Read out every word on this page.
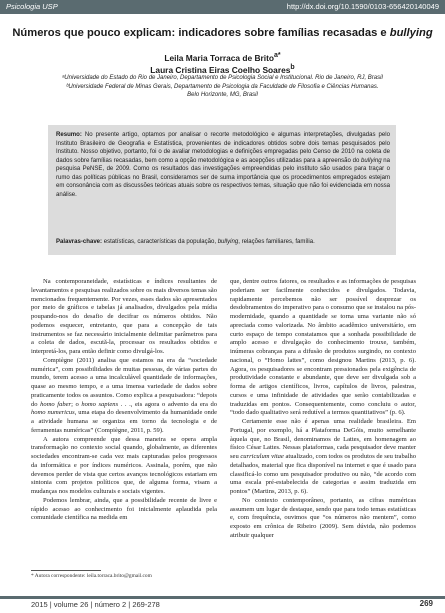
Psicologia USP	http://dx.doi.org/10.1590/0103-656420140049
Números que pouco explicam: indicadores sobre famílias recasadas e bullying
Leila Maria Torraca de Brito$^{a*}$
Laura Cristina Eiras Coelho Soares$^b$
ᵃUniversidade do Estado do Rio de Janeiro, Departamento de Psicologia Social e Institucional. Rio de Janeiro, RJ, Brasil
ᵇUniversidade Federal de Minas Gerais, Departamento de Psicologia da Faculdade de Filosofia e Ciências Humanas.
Belo Horizonte, MG, Brasil
Resumo: No presente artigo, optamos por analisar o recorte metodológico e algumas interpretações, divulgadas pelo Instituto Brasileiro de Geografia e Estatística, provenientes de indicadores obtidos sobre dois temas pesquisados pelo Instituto. Nosso objetivo, portanto, foi o de avaliar metodologias e definições empregadas pelo Censo de 2010 na coleta de dados sobre famílias recasadas, bem como a opção metodológica e as acepções utilizadas para a apreensão do bullying na pesquisa PeNSE, de 2009. Como os resultados das investigações empreendidas pelo instituto são usados para traçar o rumo das políticas públicas no Brasil, consideramos ser de suma importância que os procedimentos empregados estejam em consonância com as discussões teóricas atuais sobre os respectivos temas, situação que não foi evidenciada em nossa análise.
Palavras-chave: estatísticas, características da população, bullying, relações familiares, família.

Na contemporaneidade, estatísticas e índices resultantes de levantamentos e pesquisas realizados sobre os mais diversos temas são mencionados frequentemente. Por vezes, esses dados são apresentados por meio de gráficos e tabelas já analisados, divulgados pela mídia poupando-nos do desafio de decifrar os números obtidos. Não podemos esquecer, entretanto, que para a concepção de tais instrumentos se faz necessário inicialmente delimitar parâmetros para a coleta de dados, escută-la, processar os resultados obtidos e interpretá-los, para então definir como divulgá-los.

Compiègne (2011) analisa que estamos na era da “sociedade numérica”, com possibilidades de muitas pessoas, de várias partes do mundo, terem acesso a uma incalculável quantidade de informações, quase ao mesmo tempo, e a uma imensa variedade de dados sobre praticamente todos os assuntos. Como explica a pesquisadora: “depois do homo faber; o homo sapiens . . ., eis agora o advento da era do homo numericus, uma etapa do desenvolvimento da humanidade onde a atividade humana se organiza em torno da tecnologia e de ferramentas numéricas” (Compiègne, 2011, p. 59).

A autora compreende que dessa maneira se opera ampla transformação no contexto social quando, globalmente, as diferentes sociedades encontram-se cada vez mais capturadas pelos progressos da informática e por índices numéricos. Assinala, porém, que não devemos perder de vista que certos avanços tecnológicos estariam em sintonia com projetos políticos que, de alguma forma, visam a mudanças nos modelos culturais e sociais vigentes.

Podemos lembrar, ainda, que a possibilidade recente de livre e rápido acesso ao conhecimento foi inicialmente aplaudida pela comunidade científica na medida em

que, dentre outros fatores, os resultados e as informações de pesquisas poderiam ser facilmente conhecidos e divulgados. Todavia, rapidamente percebemos não ser possível desprezar os desdobramentos do imperativo para o consumo que se instalou na pós-modernidade, quando a quantidade se torna uma variante não só apreciada como valorizada. No âmbito acadêmico universitário, em curto espaço de tempo constatamos que a sonhada possibilidade de amplo acesso e divulgação do conhecimento trouxe, também, inúmeras cobranças para a difusão de produtos surgindo, no contexto nacional, o “Homo lattes”, como designou Martins (2013, p. 6). Agora, os pesquisadores se encontram pressionados pela exigência de produtividade constante e abundante, que deve ser divulgada sob a forma de artigos científicos, livros, capítulos de livros, palestras, cursos e uma infinidade de atividades que serão contabilizadas e traduzidas em pontos. Consequentemente, como concluiu o autor, “todo dado qualitativo será redutível a termos quantitativos” (p. 6).

Certamente esse não é apenas uma realidade brasileira. Em Portugal, por exemplo, há a Plataforma DeGóis, muito semelhante àquela que, no Brasil, denominamos de Lattes, em homenagem ao físico César Lattes. Nessas plataformas, cada pesquisador deve manter seu curriculum vitae atualizado, com todos os produtos de seu trabalho detalhados, material que fica disponível na internet e que é usado para classificá-lo como um pesquisador produtivo ou não, “de acordo com uma escala pré-estabelecida de categorias e assim traduzida em pontos” (Martins, 2013, p. 6).

No contexto contemporâneo, portanto, as cifras numéricas assumem um lugar de destaque, sendo que para todo temas estatísticas e, com frequência, ouvimos que “os números não mentem”, como exposto em crônica de Ribeiro (2009). Sem dúvida, não podemos atribuir qualquer

* Autora correspondente: leila.torraca.brito@gmail.com
2015 | volume 26 | número 2 | 269-278	269
